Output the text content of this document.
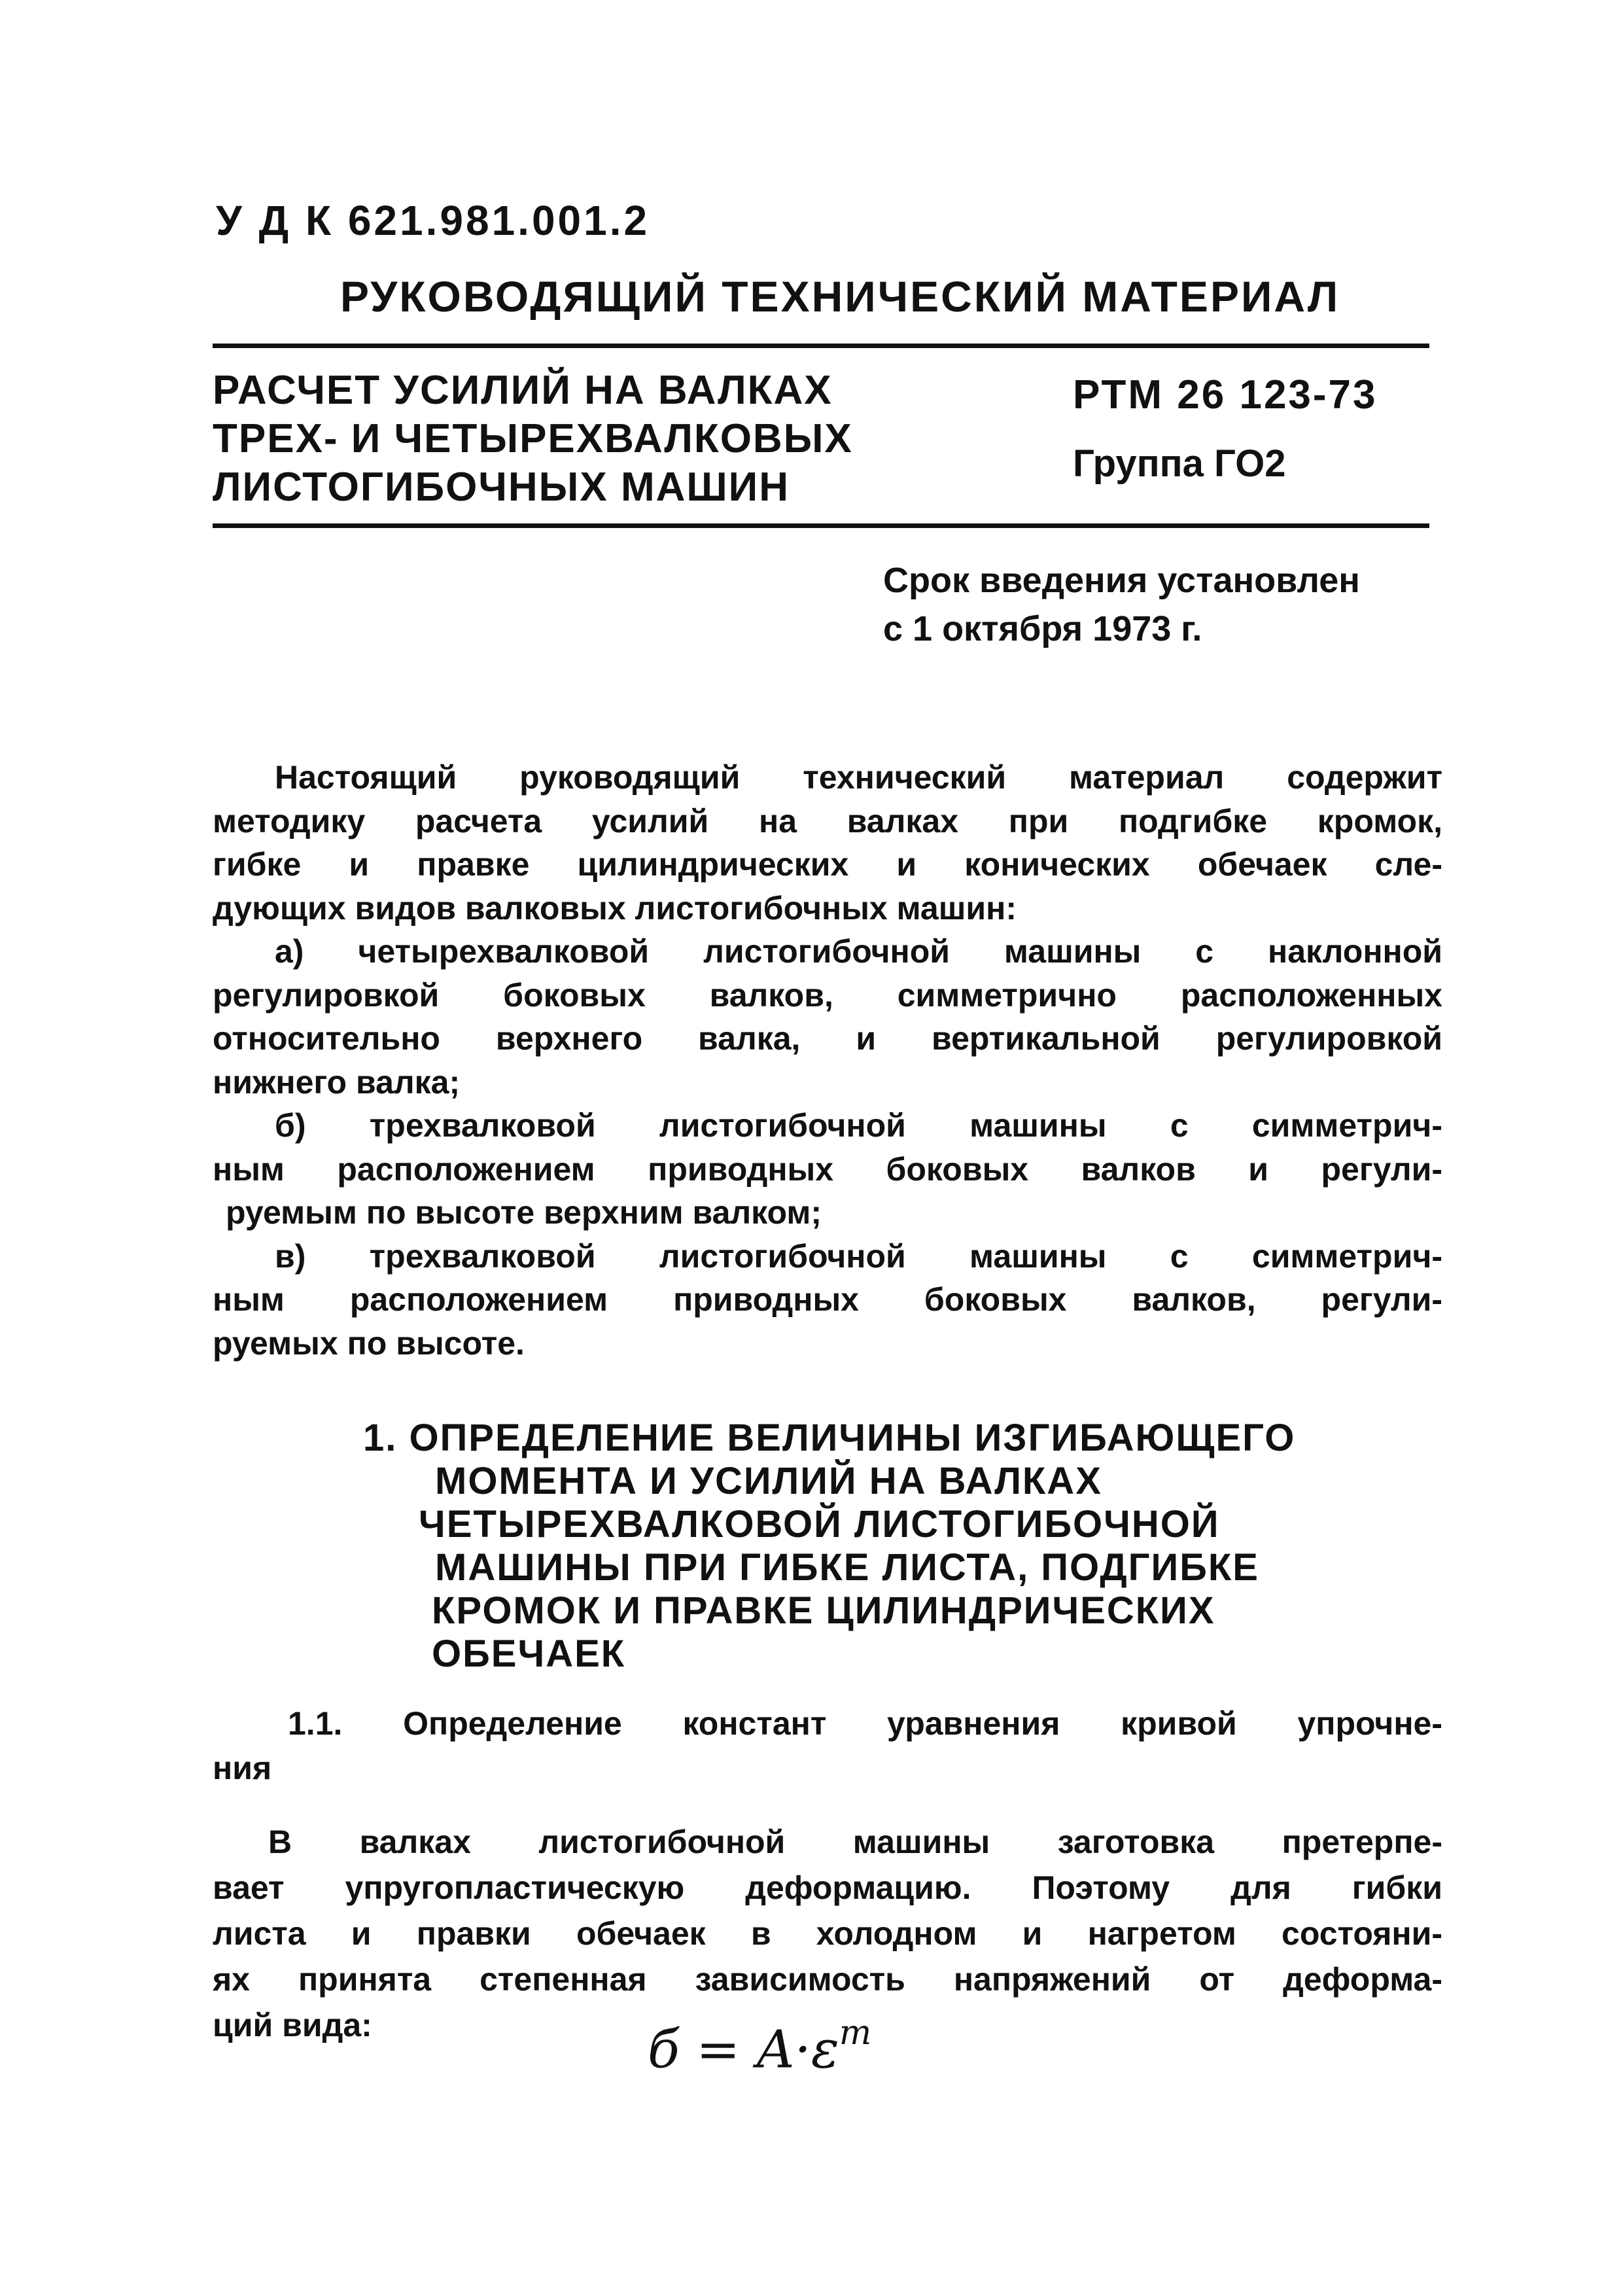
У Д К 621.981.001.2
РУКОВОДЯЩИЙ ТЕХНИЧЕСКИЙ МАТЕРИАЛ
РАСЧЕТ УСИЛИЙ НА ВАЛКАХ
ТРЕХ- И ЧЕТЫРЕХВАЛКОВЫХ
ЛИСТОГИБОЧНЫХ МАШИН
РТМ 26 123-73
Группа ГО2
Срок введения установлен
с 1 октября 1973 г.
Настоящий руководящий технический материал содержит
методику расчета усилий на валках при подгибке кромок,
гибке и правке цилиндрических и конических обечаек сле-
дующих видов валковых листогибочных машин:
а) четырехвалковой листогибочной машины с наклонной
регулировкой боковых валков, симметрично расположенных
относительно верхнего валка, и вертикальной регулировкой
нижнего валка;
б) трехвалковой листогибочной машины с симметрич-
ным расположением приводных боковых валков и регули-
руемым по высоте верхним валком;
в) трехвалковой листогибочной машины с симметрич-
ным расположением приводных боковых валков, регули-
руемых по высоте.
1. ОПРЕДЕЛЕНИЕ ВЕЛИЧИНЫ ИЗГИБАЮЩЕГО
МОМЕНТА И УСИЛИЙ НА ВАЛКАХ
ЧЕТЫРЕХВАЛКОВОЙ ЛИСТОГИБОЧНОЙ
МАШИНЫ ПРИ ГИБКЕ ЛИСТА, ПОДГИБКЕ
КРОМОК И ПРАВКЕ ЦИЛИНДРИЧЕСКИХ
ОБЕЧАЕК
1.1. Определение констант уравнения кривой упрочне-
ния
В валках листогибочной машины заготовка претерпе-
вает упругопластическую деформацию. Поэтому для гибки
листа и правки обечаек в холодном и нагретом состояни-
ях принята степенная зависимость напряжений от деформа-
ций вида:	$б = A\cdot\varepsilon^m$
